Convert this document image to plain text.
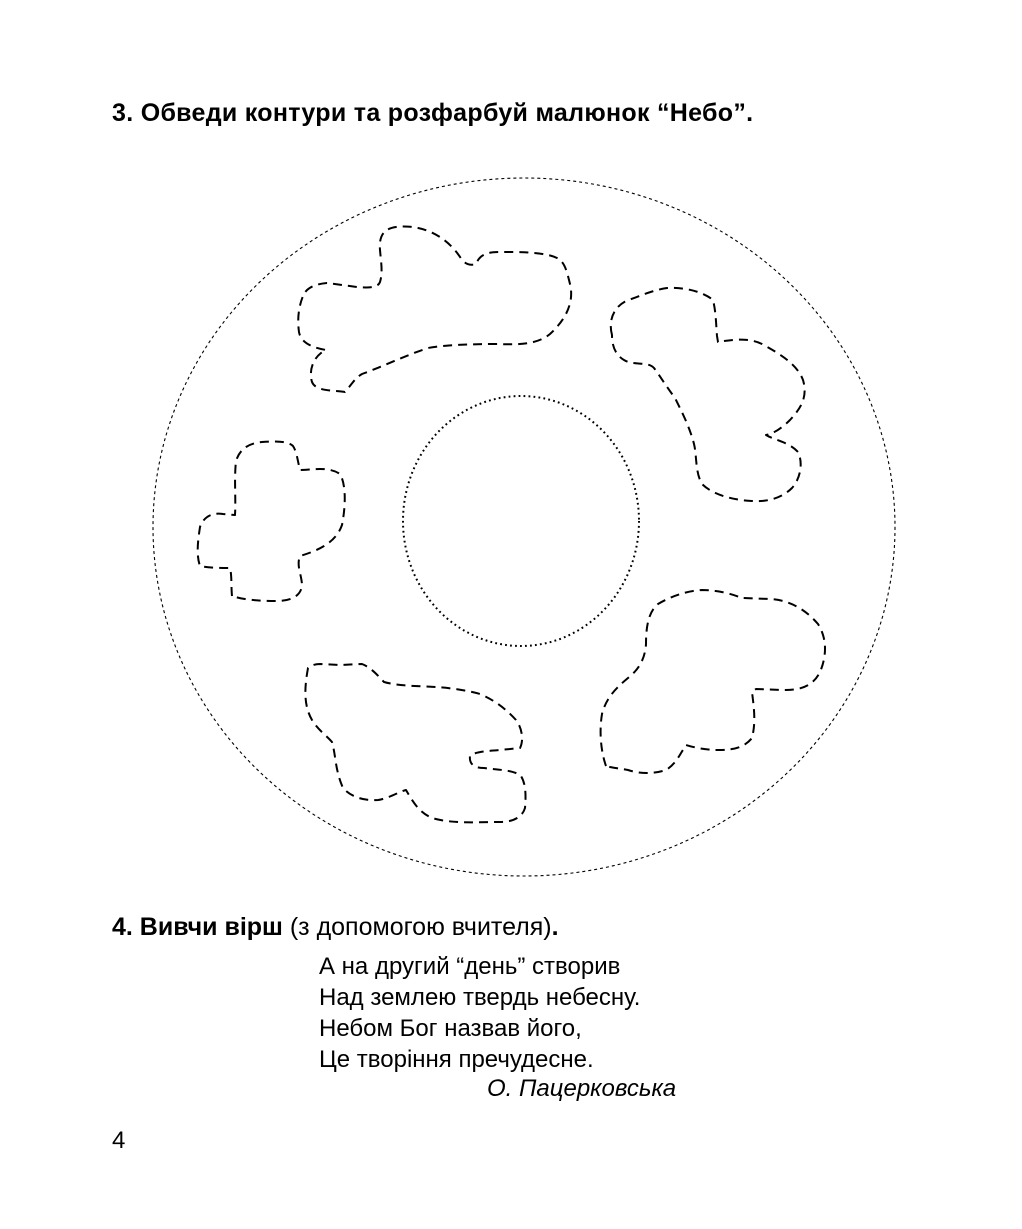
3. Обведи контури та розфарбуй малюнок “Небо”.
4. Вивчи вірш (з допомогою вчителя).
А на другий “день” створив
Над землею твердь небесну.
Небом Бог назвав його,
Це творіння пречудесне.
О. Пацерковська
4
